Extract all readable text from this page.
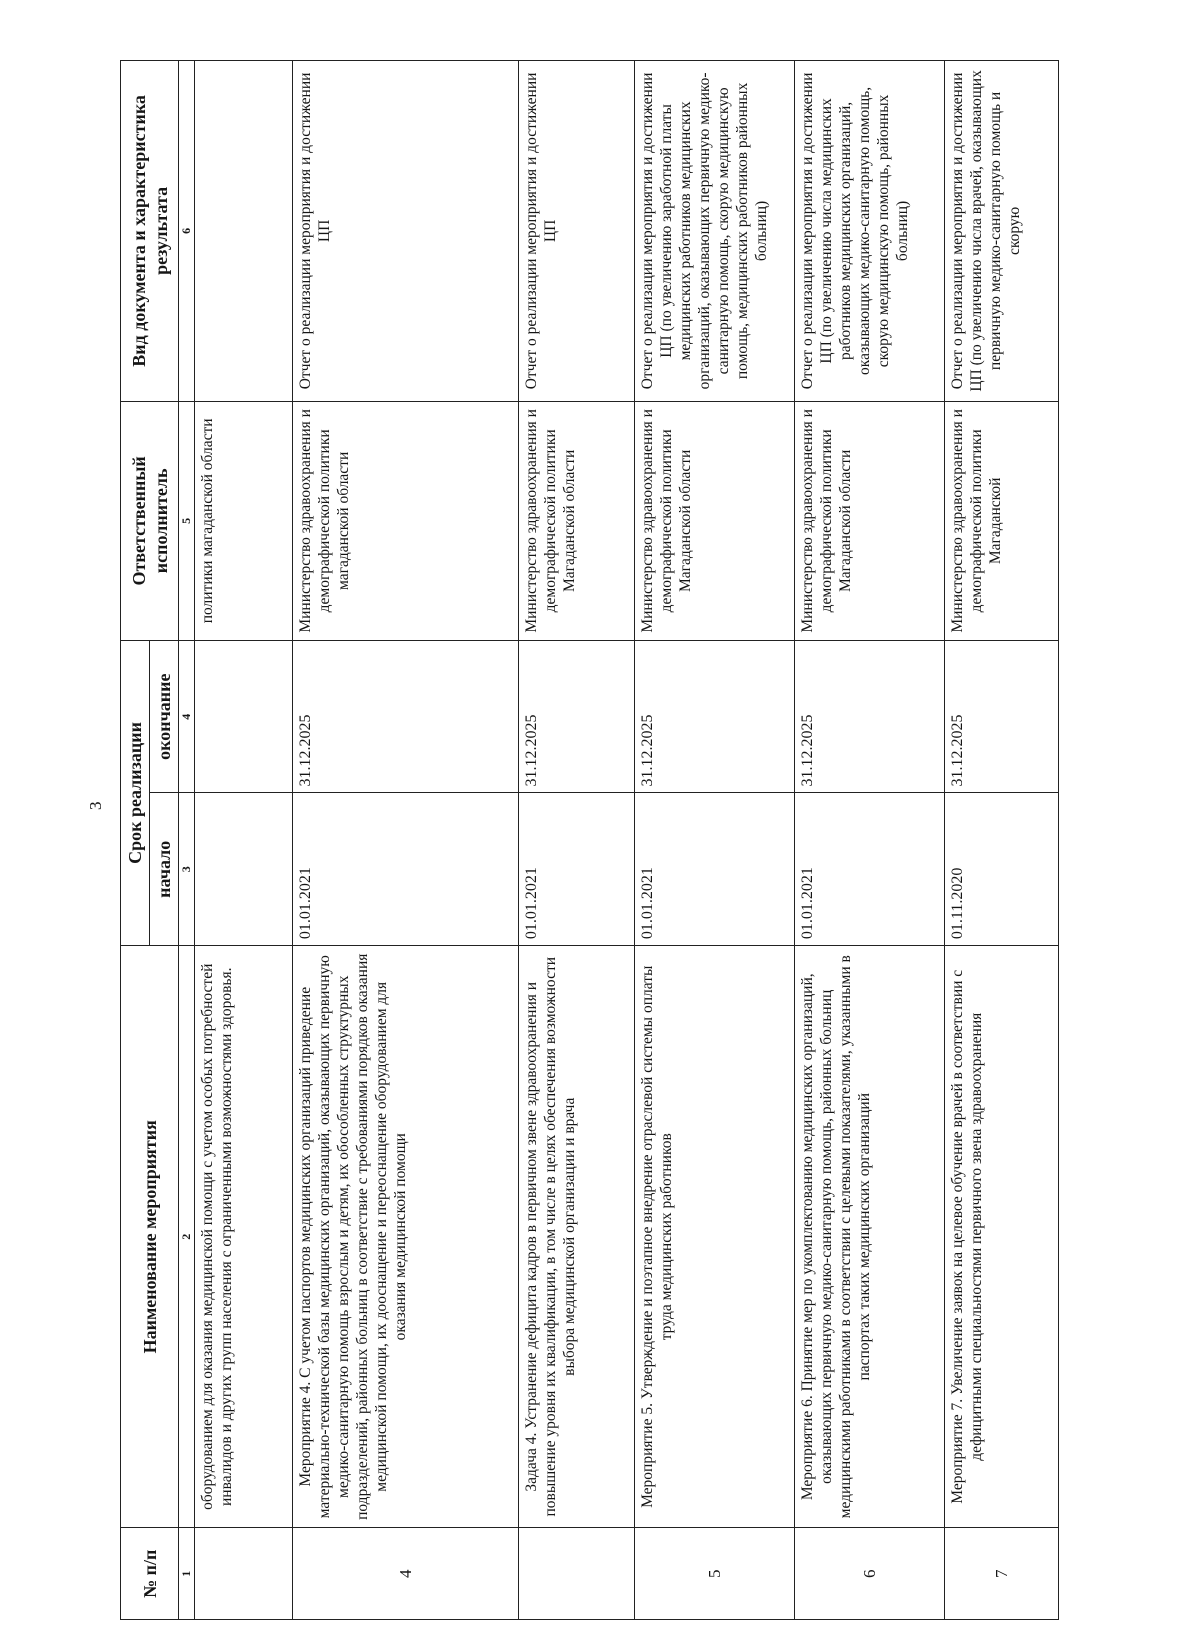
3
№ п/п	Наименование мероприятия	Срок реализации		Ответственный исполнитель	Вид документа и характеристика результата
		начало	окончание		
1	2	3	4	5	6
	оборудованием для оказания медицинской помощи с учетом особых потребностей инвалидов и других групп населения с ограниченными возможностями здоровья.			политики магаданской области	
4	Мероприятие 4. С учетом паспортов медицинских организаций приведение материально-технической базы медицинских организаций, оказывающих первичную медико-санитарную помощь взрослым и детям, их обособленных структурных подразделений, районных больниц в соответствие с требованиями порядков оказания медицинской помощи, их дооснащение и переоснащение оборудованием для оказания медицинской помощи	01.01.2021	31.12.2025	Министерство здравоохранения и демографической политики магаданской области	Отчет о реализации мероприятия и достижении ЦП
	Задача 4. Устранение дефицита кадров в первичном звене здравоохранения и повышение уровня их квалификации, в том числе в целях обеспечения возможности выбора медицинской организации и врача	01.01.2021	31.12.2025	Министерство здравоохранения и демографической политики Магаданской области	Отчет о реализации мероприятия и достижении ЦП
5	Мероприятие 5. Утверждение и поэтапное внедрение отраслевой системы оплаты труда медицинских работников	01.01.2021	31.12.2025	Министерство здравоохранения и демографической политики Магаданской области	Отчет о реализации мероприятия и достижении ЦП (по увеличению заработной платы медицинских работников медицинских организаций, оказывающих первичную медико-санитарную помощь, скорую медицинскую помощь, медицинских работников районных больниц)
6	Мероприятие 6. Принятие мер по укомплектованию медицинских организаций, оказывающих первичную медико-санитарную помощь, районных больниц медицинскими работниками в соответствии с целевыми показателями, указанными в паспортах таких медицинских организаций	01.01.2021	31.12.2025	Министерство здравоохранения и демографической политики Магаданской области	Отчет о реализации мероприятия и достижении ЦП (по увеличению числа медицинских работников медицинских организаций, оказывающих медико-санитарную помощь, скорую медицинскую помощь, районных больниц)
7	Мероприятие 7. Увеличение заявок на целевое обучение врачей в соответствии с дефицитными специальностями первичного звена здравоохранения	01.11.2020	31.12.2025	Министерство здравоохранения и демографической политики Магаданской	Отчет о реализации мероприятия и достижении ЦП (по увеличению числа врачей, оказывающих первичную медико-санитарную помощь и скорую
